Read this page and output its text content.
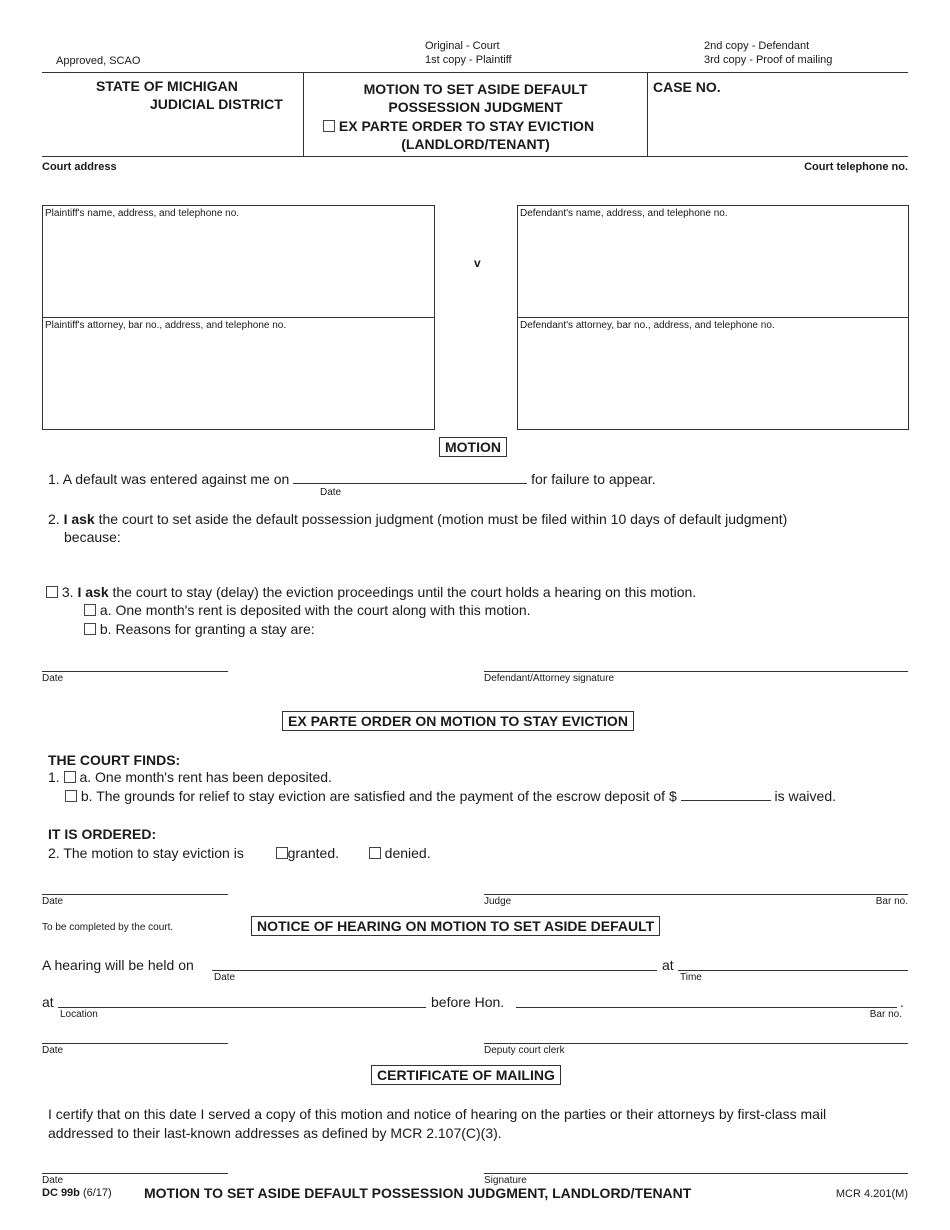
Approved, SCAO
Original - Court
1st copy - Plaintiff
2nd copy - Defendant
3rd copy - Proof of mailing
STATE OF MICHIGAN
JUDICIAL DISTRICT
MOTION TO SET ASIDE DEFAULT
POSSESSION JUDGMENT
EX PARTE ORDER TO STAY EVICTION
(LANDLORD/TENANT)
CASE NO.
Court address	Court telephone no.
Plaintiff's name, address, and telephone no.
Plaintiff's attorney, bar no., address, and telephone no.
v
Defendant's name, address, and telephone no.
Defendant's attorney, bar no., address, and telephone no.
MOTION
1. A default was entered against me on	for failure to appear.
Date
2. I ask the court to set aside the default possession judgment (motion must be filed within 10 days of default judgment)
because:
3. I ask the court to stay (delay) the eviction proceedings until the court holds a hearing on this motion.
a. One month's rent is deposited with the court along with this motion.
b. Reasons for granting a stay are:
Date	Defendant/Attorney signature
EX PARTE ORDER ON MOTION TO STAY EVICTION
THE COURT FINDS:
1. a. One month's rent has been deposited.
b. The grounds for relief to stay eviction are satisfied and the payment of the escrow deposit of $	is waived.
IT IS ORDERED:
2. The motion to stay eviction is	granted.	denied.
Date	Judge	Bar no.
To be completed by the court.	NOTICE OF HEARING ON MOTION TO SET ASIDE DEFAULT
A hearing will be held on
Date
at
Time
at
Location
before Hon.	.
Bar no.
Date	Deputy court clerk
CERTIFICATE OF MAILING
I certify that on this date I served a copy of this motion and notice of hearing on the parties or their attorneys by first-class mail
addressed to their last-known addresses as defined by MCR 2.107(C)(3).
Date	Signature
DC 99b (6/17) MOTION TO SET ASIDE DEFAULT POSSESSION JUDGMENT, LANDLORD/TENANT	MCR 4.201(M)
